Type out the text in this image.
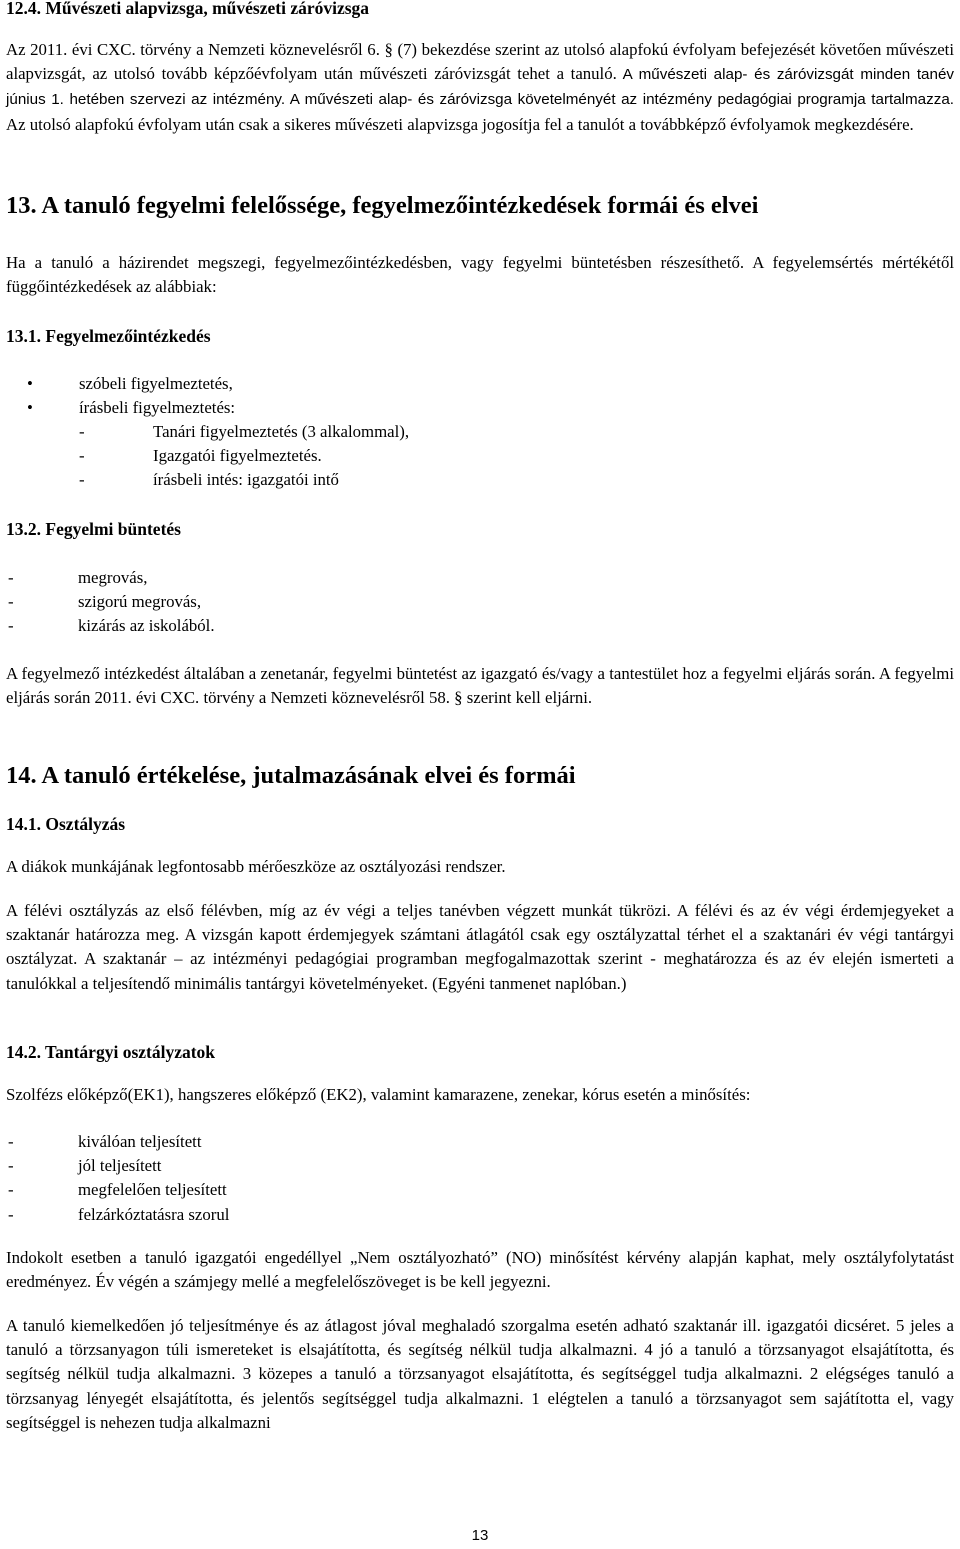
12.4. Művészeti alapvizsga, művészeti záróvizsga

Az 2011. évi CXC. törvény a Nemzeti köznevelésről 6. § (7) bekezdése szerint az utolsó alapfokú évfolyam befejezését követően művészeti alapvizsgát, az utolsó tovább képzőévfolyam után művészeti záróvizsgát tehet a tanuló. A művészeti alap- és záróvizsgát minden tanév június 1. hetében szervezi az intézmény. A művészeti alap- és záróvizsga követelményét az intézmény pedagógiai programja tartalmazza. Az utolsó alapfokú évfolyam után csak a sikeres művészeti alapvizsga jogosítja fel a tanulót a továbbképző évfolyamok megkezdésére.

13. A tanuló fegyelmi felelőssége, fegyelmezőintézkedések formái és elvei

Ha a tanuló a házirendet megszegi, fegyelmezőintézkedésben, vagy fegyelmi büntetésben részesíthető. A fegyelemsértés mértékétől függőintézkedések az alábbiak:

13.1. Fegyelmezőintézkedés
• szóbeli figyelmeztetés,
• írásbeli figyelmeztetés:
- Tanári figyelmeztetés (3 alkalommal),
- Igazgatói figyelmeztetés.
- írásbeli intés: igazgatói intő
13.2. Fegyelmi büntetés
- megrovás,
- szigorú megrovás,
- kizárás az iskolából.

A fegyelmező intézkedést általában a zenetanár, fegyelmi büntetést az igazgató és/vagy a tantestület hoz a fegyelmi eljárás során. A fegyelmi eljárás során 2011. évi CXC. törvény a Nemzeti köznevelésről 58. § szerint kell eljárni.

14. A tanuló értékelése, jutalmazásának elvei és formái
14.1. Osztályzás

A diákok munkájának legfontosabb mérőeszköze az osztályozási rendszer.

A félévi osztályzás az első félévben, míg az év végi a teljes tanévben végzett munkát tükrözi. A félévi és az év végi érdemjegyeket a szaktanár határozza meg. A vizsgán kapott érdemjegyek számtani átlagától csak egy osztályzattal térhet el a szaktanári év végi tantárgyi osztályzat. A szaktanár – az intézményi pedagógiai programban megfogalmazottak szerint - meghatározza és az év elején ismerteti a tanulókkal a teljesítendő minimális tantárgyi követelményeket. (Egyéni tanmenet naplóban.)

14.2. Tantárgyi osztályzatok

Szolfézs előképző(EK1), hangszeres előképző (EK2), valamint kamarazene, zenekar, kórus esetén a minősítés:

- kiválóan teljesített
- jól teljesített
- megfelelően teljesített
- felzárkóztatásra szorul

Indokolt esetben a tanuló igazgatói engedéllyel „Nem osztályozható” (NO) minősítést kérvény alapján kaphat, mely osztályfolytatást eredményez. Év végén a számjegy mellé a megfelelőszöveget is be kell jegyezni.

A tanuló kiemelkedően jó teljesítménye és az átlagost jóval meghaladó szorgalma esetén adható szaktanár ill. igazgatói dicséret. 5 jeles a tanuló a törzsanyagon túli ismereteket is elsajátította, és segítség nélkül tudja alkalmazni. 4 jó a tanuló a törzsanyagot elsajátította, és segítség nélkül tudja alkalmazni. 3 közepes a tanuló a törzsanyagot elsajátította, és segítséggel tudja alkalmazni. 2 elégséges tanuló a törzsanyag lényegét elsajátította, és jelentős segítséggel tudja alkalmazni. 1 elégtelen a tanuló a törzsanyagot sem sajátította el, vagy segítséggel is nehezen tudja alkalmazni

13
